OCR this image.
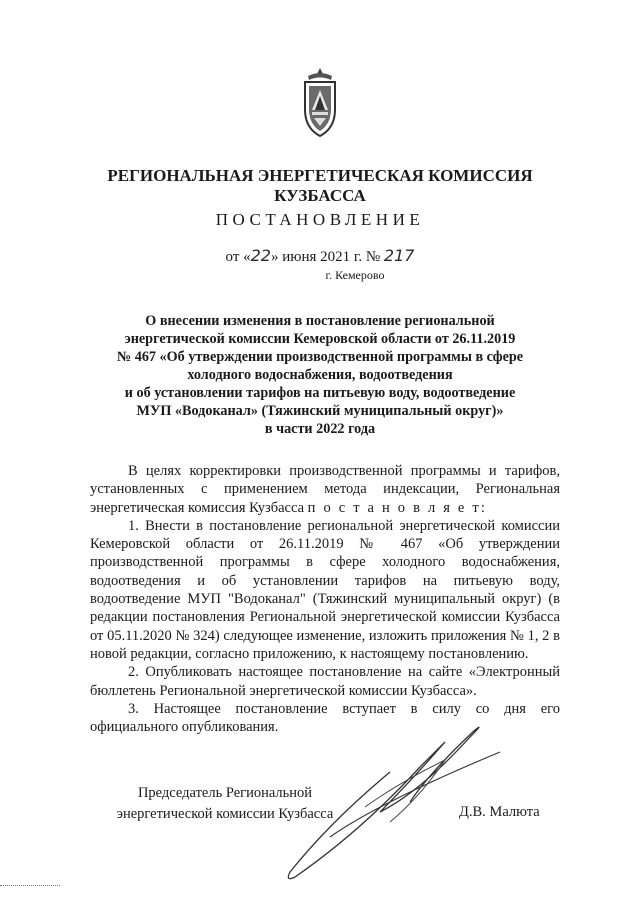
РЕГИОНАЛЬНАЯ ЭНЕРГЕТИЧЕСКАЯ КОМИССИЯ
КУЗБАССА
ПОСТАНОВЛЕНИЕ
от «22» июня 2021 г. № 217
г. Кемерово
О внесении изменения в постановление региональной
энергетической комиссии Кемеровской области от 26.11.2019
№ 467 «Об утверждении производственной программы в сфере
холодного водоснабжения, водоотведения
и об установлении тарифов на питьевую воду, водоотведение
МУП «Водоканал» (Тяжинский муниципальный округ)»
в части 2022 года

В целях корректировки производственной программы и тарифов, установленных с применением метода индексации, Региональная энергетическая комиссия Кузбасса п о с т а н о в л я е т:

1. Внести в постановление региональной энергетической комиссии Кемеровской области от 26.11.2019 № 467 «Об утверждении производственной программы в сфере холодного водоснабжения, водоотведения и об установлении тарифов на питьевую воду, водоотведение МУП "Водоканал" (Тяжинский муниципальный округ) (в редакции постановления Региональной энергетической комиссии Кузбасса от 05.11.2020 № 324) следующее изменение, изложить приложения № 1, 2 в новой редакции, согласно приложению, к настоящему постановлению.

2. Опубликовать настоящее постановление на сайте «Электронный бюллетень Региональной энергетической комиссии Кузбасса».

3. Настоящее постановление вступает в силу со дня его официального опубликования.

Председатель Региональной
энергетической комиссии Кузбасса	Д.В. Малюта
